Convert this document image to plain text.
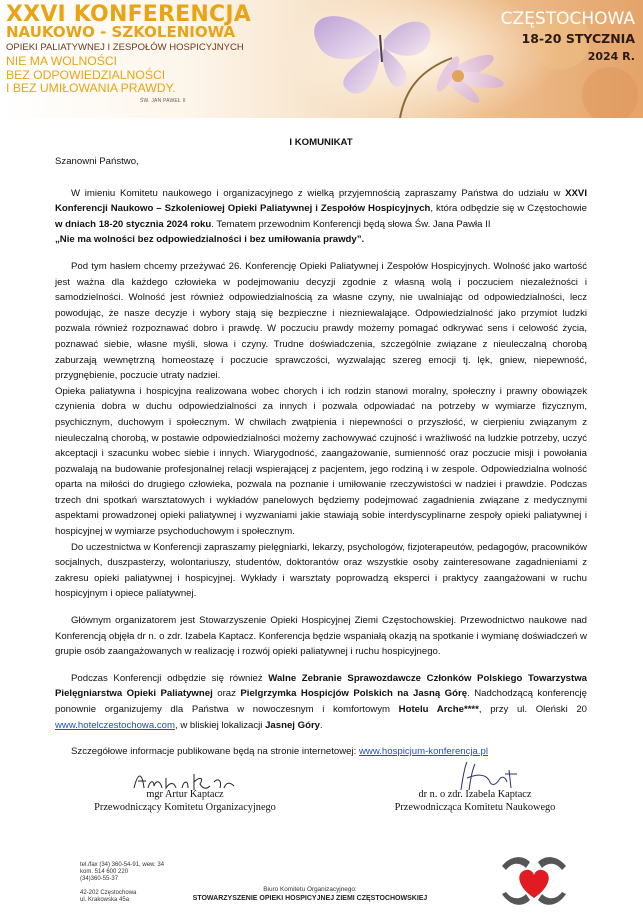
XXVI KONFERENCJA
NAUKOWO - SZKOLENIOWA
OPIEKI PALIATYWNEJ I ZESPOŁÓW HOSPICYJNYCH
NIE MA WOLNOŚCI
BEZ ODPOWIEDZIALNOŚCI
I BEZ UMIŁOWANIA PRAWDY.
ŚW. JAN PAWEŁ II
CZĘSTOCHOWA
18-20 STYCZNIA
2024 R.
I KOMUNIKAT
Szanowni Państwo,

W imieniu Komitetu naukowego i organizacyjnego z wielką przyjemnością zapraszamy Państwa do udziału w XXVI Konferencji Naukowo – Szkoleniowej Opieki Paliatywnej i Zespołów Hospicyjnych, która odbędzie się w Częstochowie w dniach 18-20 stycznia 2024 roku. Tematem przewodnim Konferencji będą słowa Św. Jana Pawła II
„Nie ma wolności bez odpowiedzialności i bez umiłowania prawdy”.

Pod tym hasłem chcemy przeżywać 26. Konferencję Opieki Paliatywnej i Zespołów Hospicyjnych. Wolność jako wartość jest ważna dla każdego człowieka w podejmowaniu decyzji zgodnie z własną wolą i poczuciem niezależności i samodzielności. Wolność jest również odpowiedzialnością za własne czyny, nie uwalniając od odpowiedzialności, lecz powodując, że nasze decyzje i wybory stają się bezpieczne i niezniewalające. Odpowiedzialność jako przymiot ludzki pozwala również rozpoznawać dobro i prawdę. W poczuciu prawdy możemy pomagać odkrywać sens i celowość życia, poznawać siebie, własne myśli, słowa i czyny. Trudne doświadczenia, szczególnie związane z nieuleczalną chorobą zaburzają wewnętrzną homeostazę i poczucie sprawczości, wyzwalając szereg emocji tj. lęk, gniew, niepewność, przygnębienie, poczucie utraty nadziei.

Opieka paliatywna i hospicyjna realizowana wobec chorych i ich rodzin stanowi moralny, społeczny i prawny obowiązek czynienia dobra w duchu odpowiedzialności za innych i pozwala odpowiadać na potrzeby w wymiarze fizycznym, psychicznym, duchowym i społecznym. W chwilach zwątpienia i niepewności o przyszłość, w cierpieniu związanym z nieuleczalną chorobą, w postawie odpowiedzialności możemy zachowywać czujność i wrażliwość na ludzkie potrzeby, uczyć akceptacji i szacunku wobec siebie i innych. Wiarygodność, zaangażowanie, sumienność oraz poczucie misji i powołania pozwalają na budowanie profesjonalnej relacji wspierającej z pacjentem, jego rodziną i w zespole. Odpowiedzialna wolność oparta na miłości do drugiego człowieka, pozwala na poznanie i umiłowanie rzeczywistości w nadziei i prawdzie. Podczas trzech dni spotkań warsztatowych i wykładów panelowych będziemy podejmować zagadnienia związane z medycznymi aspektami prowadzonej opieki paliatywnej i wyzwaniami jakie stawiają sobie interdyscyplinarne zespoły opieki paliatywnej i hospicyjnej w wymiarze psychoduchowym i społecznym.

Do uczestnictwa w Konferencji zapraszamy pielęgniarki, lekarzy, psychologów, fizjoterapeutów, pedagogów, pracowników socjalnych, duszpasterzy, wolontariuszy, studentów, doktorantów oraz wszystkie osoby zainteresowane zagadnieniami z zakresu opieki paliatywnej i hospicyjnej. Wykłady i warsztaty poprowadzą eksperci i praktycy zaangażowani w ruchu hospicyjnym i opiece paliatywnej.

Głównym organizatorem jest Stowarzyszenie Opieki Hospicyjnej Ziemi Częstochowskiej. Przewodnictwo naukowe nad Konferencją objęła dr n. o zdr. Izabela Kaptacz. Konferencja będzie wspaniałą okazją na spotkanie i wymianę doświadczeń w grupie osób zaangażowanych w realizację i rozwój opieki paliatywnej i ruchu hospicyjnego.

Podczas Konferencji odbędzie się również Walne Zebranie Sprawozdawcze Członków Polskiego Towarzystwa Pielęgniarstwa Opieki Paliatywnej oraz Pielgrzymka Hospicjów Polskich na Jasną Górę. Nadchodzącą konferencję ponownie organizujemy dla Państwa w nowoczesnym i komfortowym Hotelu Arche****, przy ul. Oleński 20 www.hotelczestochowa.com, w bliskiej lokalizacji Jasnej Góry.

Szczegółowe informacje publikowane będą na stronie internetowej: www.hospicjum-konferencja.pl

mgr Artur Kaptacz
Przewodniczący Komitetu Organizacyjnego
dr n. o zdr. Izabela Kaptacz
Przewodnicząca Komitetu Naukowego
tel./fax (34) 360-54-91, wew. 34
kom. 514 600 220
(34)360-55-37
42-202 Częstochowa
ul. Krakowska 45a
Biuro Komitetu Organizacyjnego:
STOWARZYSZENIE OPIEKI HOSPICYJNEJ ZIEMI CZĘSTOCHOWSKIEJ
